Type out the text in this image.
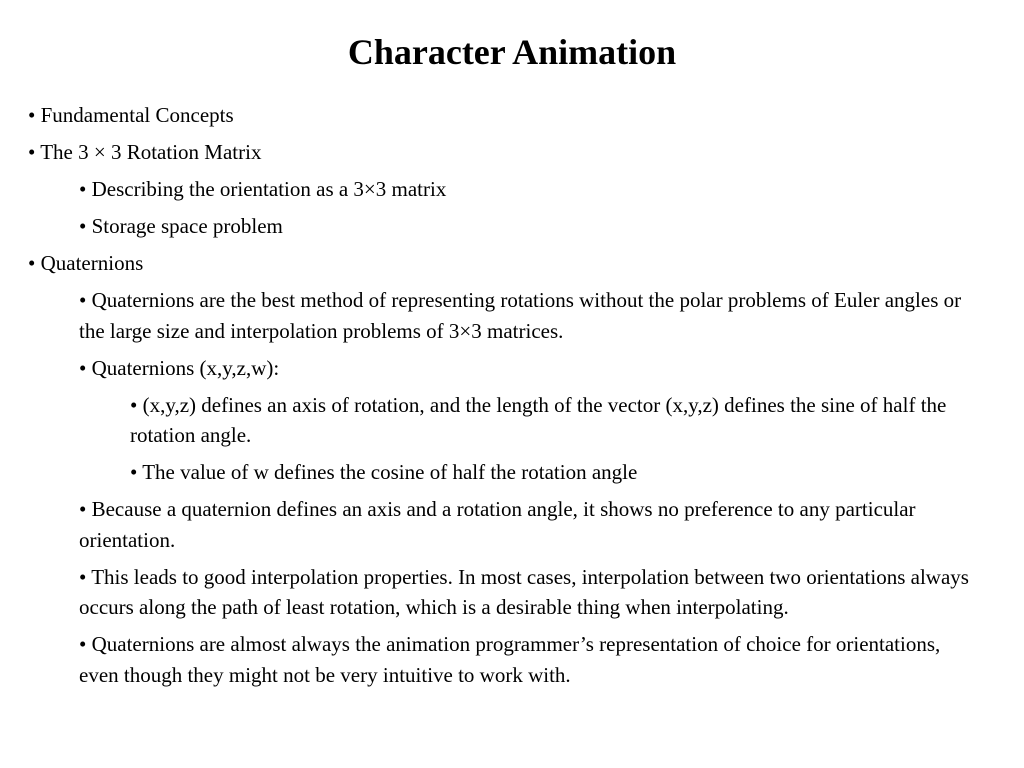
Character Animation
• Fundamental Concepts
• The 3 × 3 Rotation Matrix
• Describing the orientation as a 3×3 matrix
• Storage space problem
• Quaternions
• Quaternions are the best method of representing rotations without the polar problems of Euler angles or the large size and interpolation problems of 3×3 matrices.
• Quaternions (x,y,z,w):
• (x,y,z) defines an axis of rotation, and the length of the vector (x,y,z) defines the sine of half the rotation angle.
• The value of w defines the cosine of half the rotation angle
• Because a quaternion defines an axis and a rotation angle, it shows no preference to any particular orientation.
• This leads to good interpolation properties. In most cases, interpolation between two orientations always occurs along the path of least rotation, which is a desirable thing when interpolating.
• Quaternions are almost always the animation programmer’s representation of choice for orientations, even though they might not be very intuitive to work with.
